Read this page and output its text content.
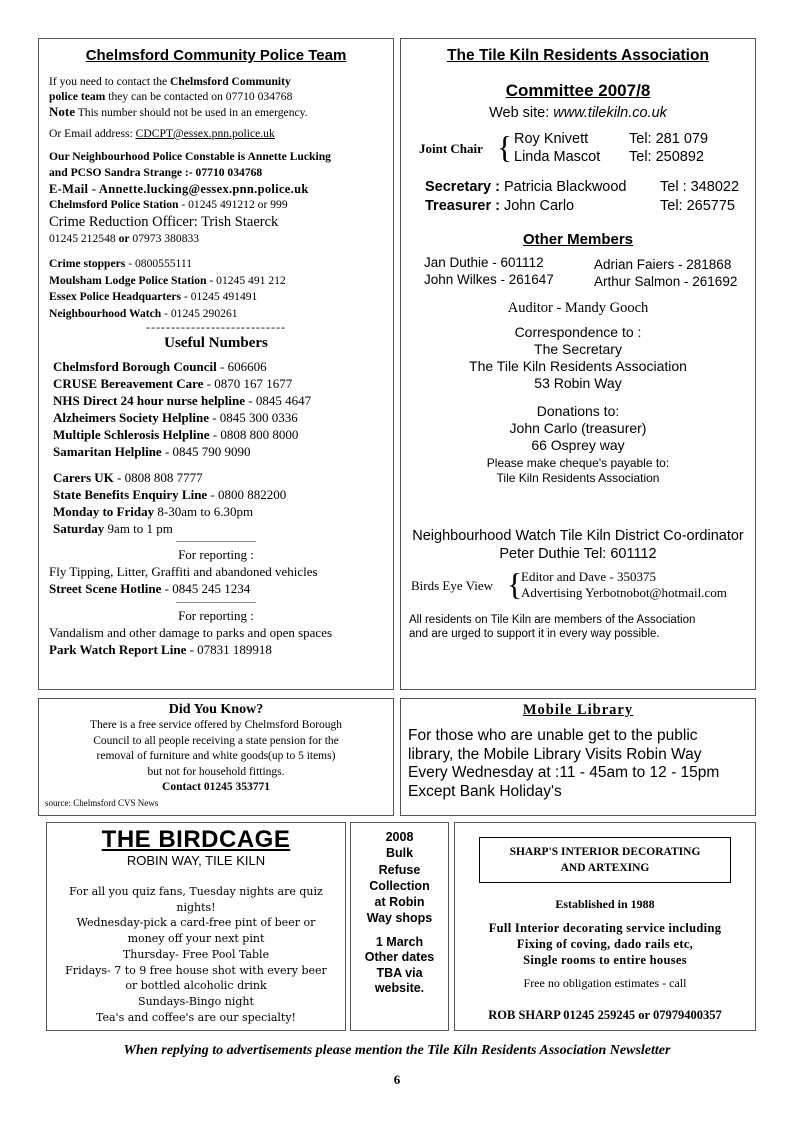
Chelmsford Community Police Team

If you need to contact the Chelmsford Community

police team they can be contacted on 07710 034768

Note This number should not be used in an emergency.

Or Email address: CDCPT@essex.pnn.police.uk

Our Neighbourhood Police Constable is Annette Lucking

and PCSO Sandra Strange :- 07710 034768

E-Mail - Annette.lucking@essex.pnn.police.uk

Chelmsford Police Station - 01245 491212 or 999

Crime Reduction Officer: Trish Staerck

01245 212548 or 07973 380833

Crime stoppers - 0800555111

Moulsham Lodge Police Station - 01245 491 212

Essex Police Headquarters - 01245 491491

Neighbourhood Watch - 01245 290261

----------------------------
Useful Numbers

Chelmsford Borough Council - 606606

CRUSE Bereavement Care - 0870 167 1677

NHS Direct 24 hour nurse helpline - 0845 4647

Alzheimers Society Helpline - 0845 300 0336

Multiple Schlerosis Helpline - 0808 800 8000

Samaritan Helpline - 0845 790 9090

Carers UK - 0808 808 7777

State Benefits Enquiry Line - 0800 882200

Monday to Friday 8-30am to 6.30pm

Saturday 9am to 1 pm

For reporting :

Fly Tipping, Litter, Graffiti and abandoned vehicles

Street Scene Hotline - 0845 245 1234

For reporting :

Vandalism and other damage to parks and open spaces

Park Watch Report Line - 07831 189918

The Tile Kiln Residents Association
Committee 2007/8
Web site: www.tilekiln.co.uk
Joint Chair { Roy Knivett	Tel: 281 079
Linda Mascot Tel: 250892
Secretary : Patricia Blackwood Tel : 348022
Treasurer : John Carlo	Tel: 265775
Other Members
Jan Duthie - 601112
John Wilkes - 261647
Adrian Faiers - 281868
Arthur Salmon - 261692
Auditor - Mandy Gooch

Correspondence to :

The Secretary

The Tile Kiln Residents Association

53 Robin Way

Donations to:

John Carlo (treasurer)

66 Osprey way

Please make cheque's payable to:

Tile Kiln Residents Association

Neighbourhood Watch Tile Kiln District Co-ordinator

Peter Duthie Tel: 601112

Birds Eye View {
Editor and Dave - 350375
Advertising Yerbotnobot@hotmail.com

All residents on Tile Kiln are members of the Association

and are urged to support it in every way possible.

Did You Know?

There is a free service offered by Chelmsford Borough

Council to all people receiving a state pension for the

removal of furniture and white goods(up to 5 items)

but not for household fittings.

Contact 01245 353771

source: Chelmsford CVS News
Mobile Library

For those who are unable get to the public

library, the Mobile Library Visits Robin Way

Every Wednesday at :11 - 45am to 12 - 15pm

Except Bank Holiday's

THE BIRDCAGE
ROBIN WAY, TILE KILN

For all you quiz fans, Tuesday nights are quiz

nights!

Wednesday-pick a card-free pint of beer or

money off your next pint

Thursday- Free Pool Table

Fridays- 7 to 9 free house shot with every beer

or bottled alcoholic drink

Sundays-Bingo night

Tea's and coffee's are our specialty!

2008

Bulk

Refuse

Collection

at Robin

Way shops

1 March

Other dates

TBA via

website.

SHARP'S INTERIOR DECORATING

AND ARTEXING

Established in 1988

Full Interior decorating service including

Fixing of coving, dado rails etc,

Single rooms to entire houses

Free no obligation estimates - call
ROB SHARP 01245 259245 or 07979400357
When replying to advertisements please mention the Tile Kiln Residents Association Newsletter
6
